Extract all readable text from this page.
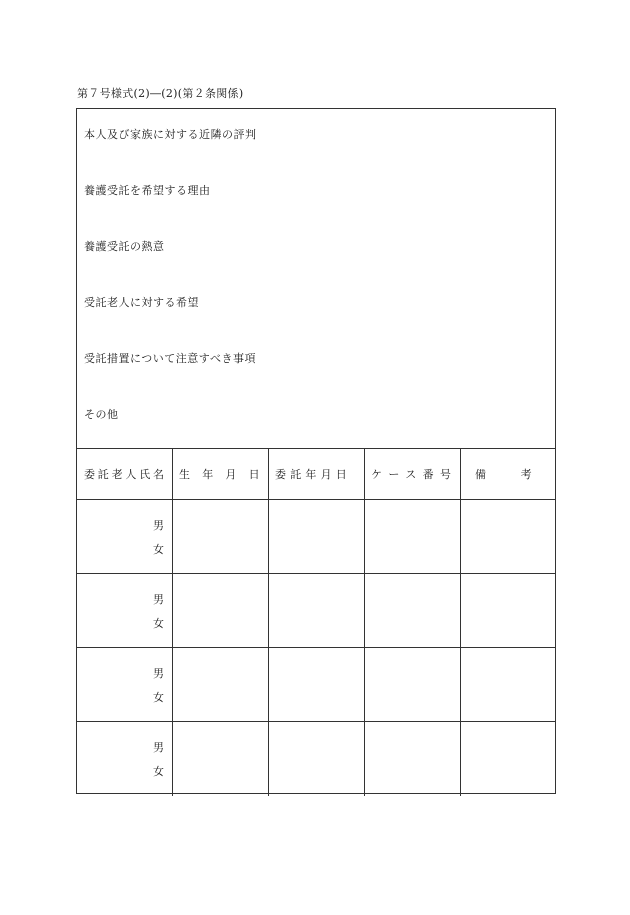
第７号様式(2)―(2)(第２条関係)
本人及び家族に対する近隣の評判
養護受託を希望する理由
養護受託の熱意
受託老人に対する希望
受託措置について注意すべき事項
その他
委託老人氏名 生　年　月　日 委託年月日 ケース番号 備　　　考
男
女
男
女
男
女
男
女
